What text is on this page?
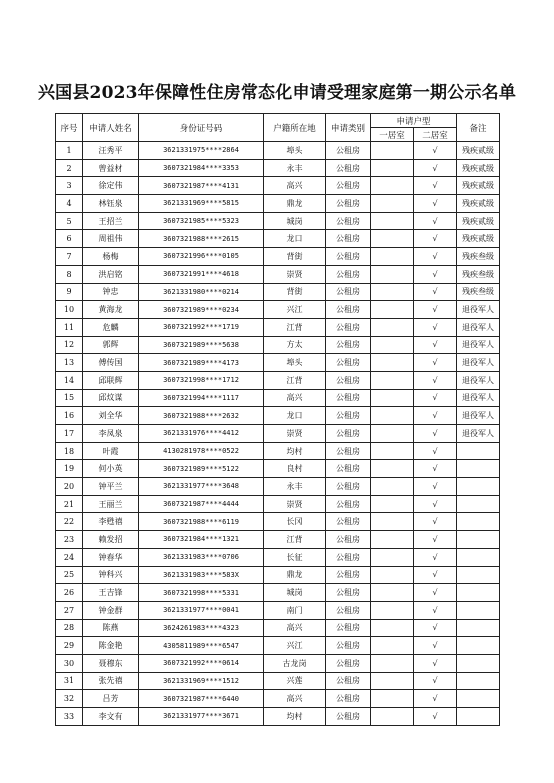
兴国县2023年保障性住房常态化申请受理家庭第一期公示名单
序号	申请人姓名	身份证号码	户籍所在地	申请类别	申请户型		备注
					一居室	二居室	
1	汪秀平	3621331975****2864	埠头	公租房		√	残疾贰级
2	曾益材	3607321984****3353	永丰	公租房		√	残疾贰级
3	徐定伟	3607321987****4131	高兴	公租房		√	残疾贰级
4	林钰泉	3621331969****5815	鼎龙	公租房		√	残疾贰级
5	王招兰	3607321985****5323	城岗	公租房		√	残疾贰级
6	周祖伟	3607321988****2615	龙口	公租房		√	残疾贰级
7	杨梅	3607321996****0105	背街	公租房		√	残疾叁级
8	洪启铭	3607321991****4618	崇贤	公租房		√	残疾叁级
9	钟忠	3621331980****0214	背街	公租房		√	残疾叁级
10	黄海龙	3607321989****0234	兴江	公租房		√	退役军人
11	危麟	3607321992****1719	江背	公租房		√	退役军人
12	郭辉	3607321989****5638	方太	公租房		√	退役军人
13	傅传国	3607321989****4173	埠头	公租房		√	退役军人
14	邱联辉	3607321998****1712	江背	公租房		√	退役军人
15	邱炆谋	3607321994****1117	高兴	公租房		√	退役军人
16	刘全华	3607321988****2632	龙口	公租房		√	退役军人
17	李凤泉	3621331976****4412	崇贤	公租房		√	退役军人
18	叶霞	4130281978****0522	均村	公租房		√	
19	何小英	3607321989****5122	良村	公租房		√	
20	钟平兰	3621331977****3648	永丰	公租房		√	
21	王丽兰	3607321987****4444	崇贤	公租房		√	
22	李甦禧	3607321988****6119	长冈	公租房		√	
23	赖发招	3607321984****1321	江背	公租房		√	
24	钟春华	3621331983****0706	长征	公租房		√	
25	钟科兴	3621331983****583X	鼎龙	公租房		√	
26	王吉锋	3607321998****5331	城岗	公租房		√	
27	钟金群	3621331977****0041	南门	公租房		√	
28	陈燕	3624261983****4323	高兴	公租房		√	
29	陈金艳	4305811989****6547	兴江	公租房		√	
30	聂穆东	3607321992****0614	古龙岗	公租房		√	
31	张先禧	3621331969****1512	兴莲	公租房		√	
32	吕芳	3607321987****6440	高兴	公租房		√	
33	李文有	3621331977****3671	均村	公租房		√	
